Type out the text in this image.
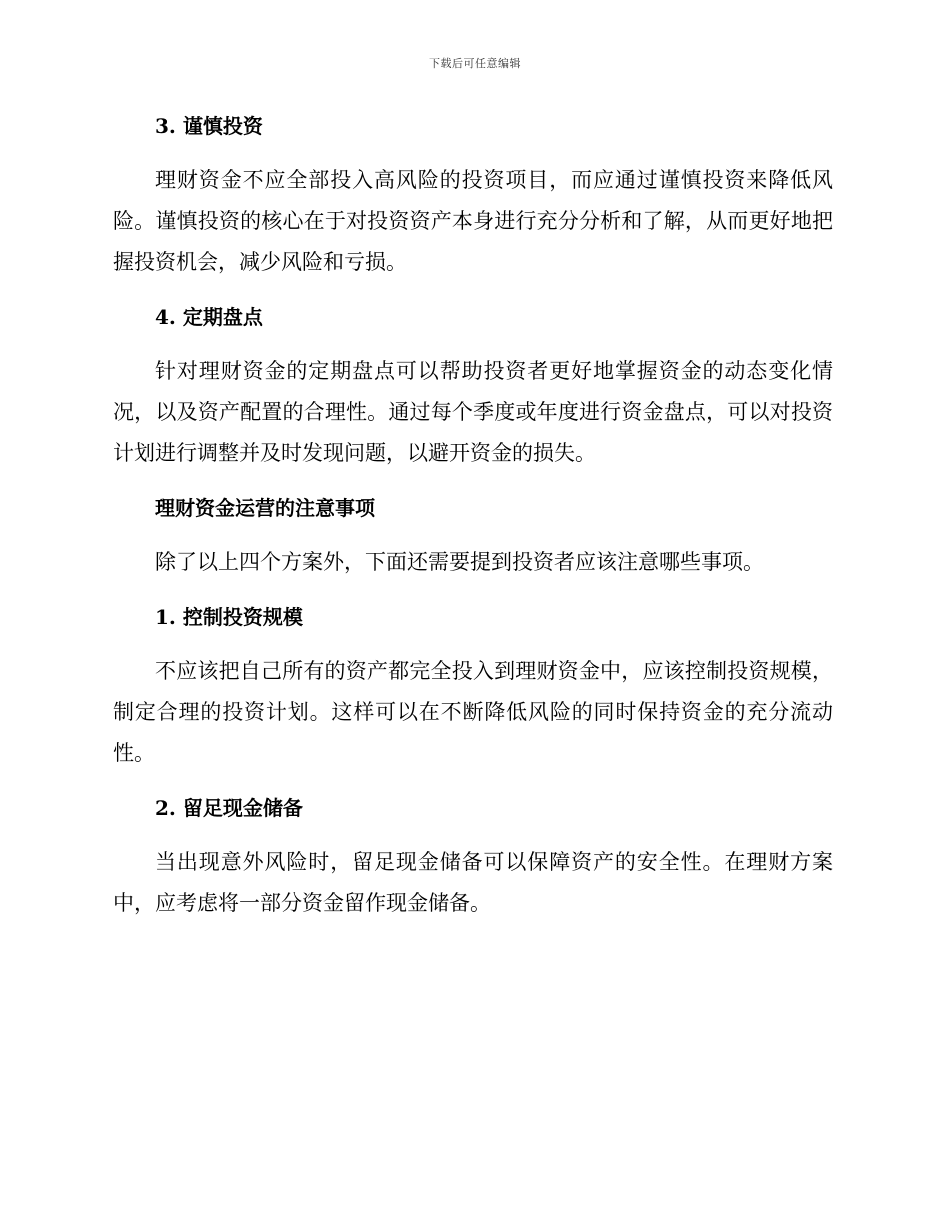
下载后可任意编辑
3. 谨慎投资

理财资金不应全部投入高风险的投资项目，而应通过谨慎投资来降低风险。谨慎投资的核心在于对投资资产本身进行充分分析和了解，从而更好地把握投资机会，减少风险和亏损。

4. 定期盘点

针对理财资金的定期盘点可以帮助投资者更好地掌握资金的动态变化情况，以及资产配置的合理性。通过每个季度或年度进行资金盘点，可以对投资计划进行调整并及时发现问题，以避开资金的损失。

理财资金运营的注意事项

除了以上四个方案外，下面还需要提到投资者应该注意哪些事项。

1. 控制投资规模

不应该把自己所有的资产都完全投入到理财资金中，应该控制投资规模，制定合理的投资计划。这样可以在不断降低风险的同时保持资金的充分流动性。

2. 留足现金储备

当出现意外风险时，留足现金储备可以保障资产的安全性。在理财方案中，应考虑将一部分资金留作现金储备。
